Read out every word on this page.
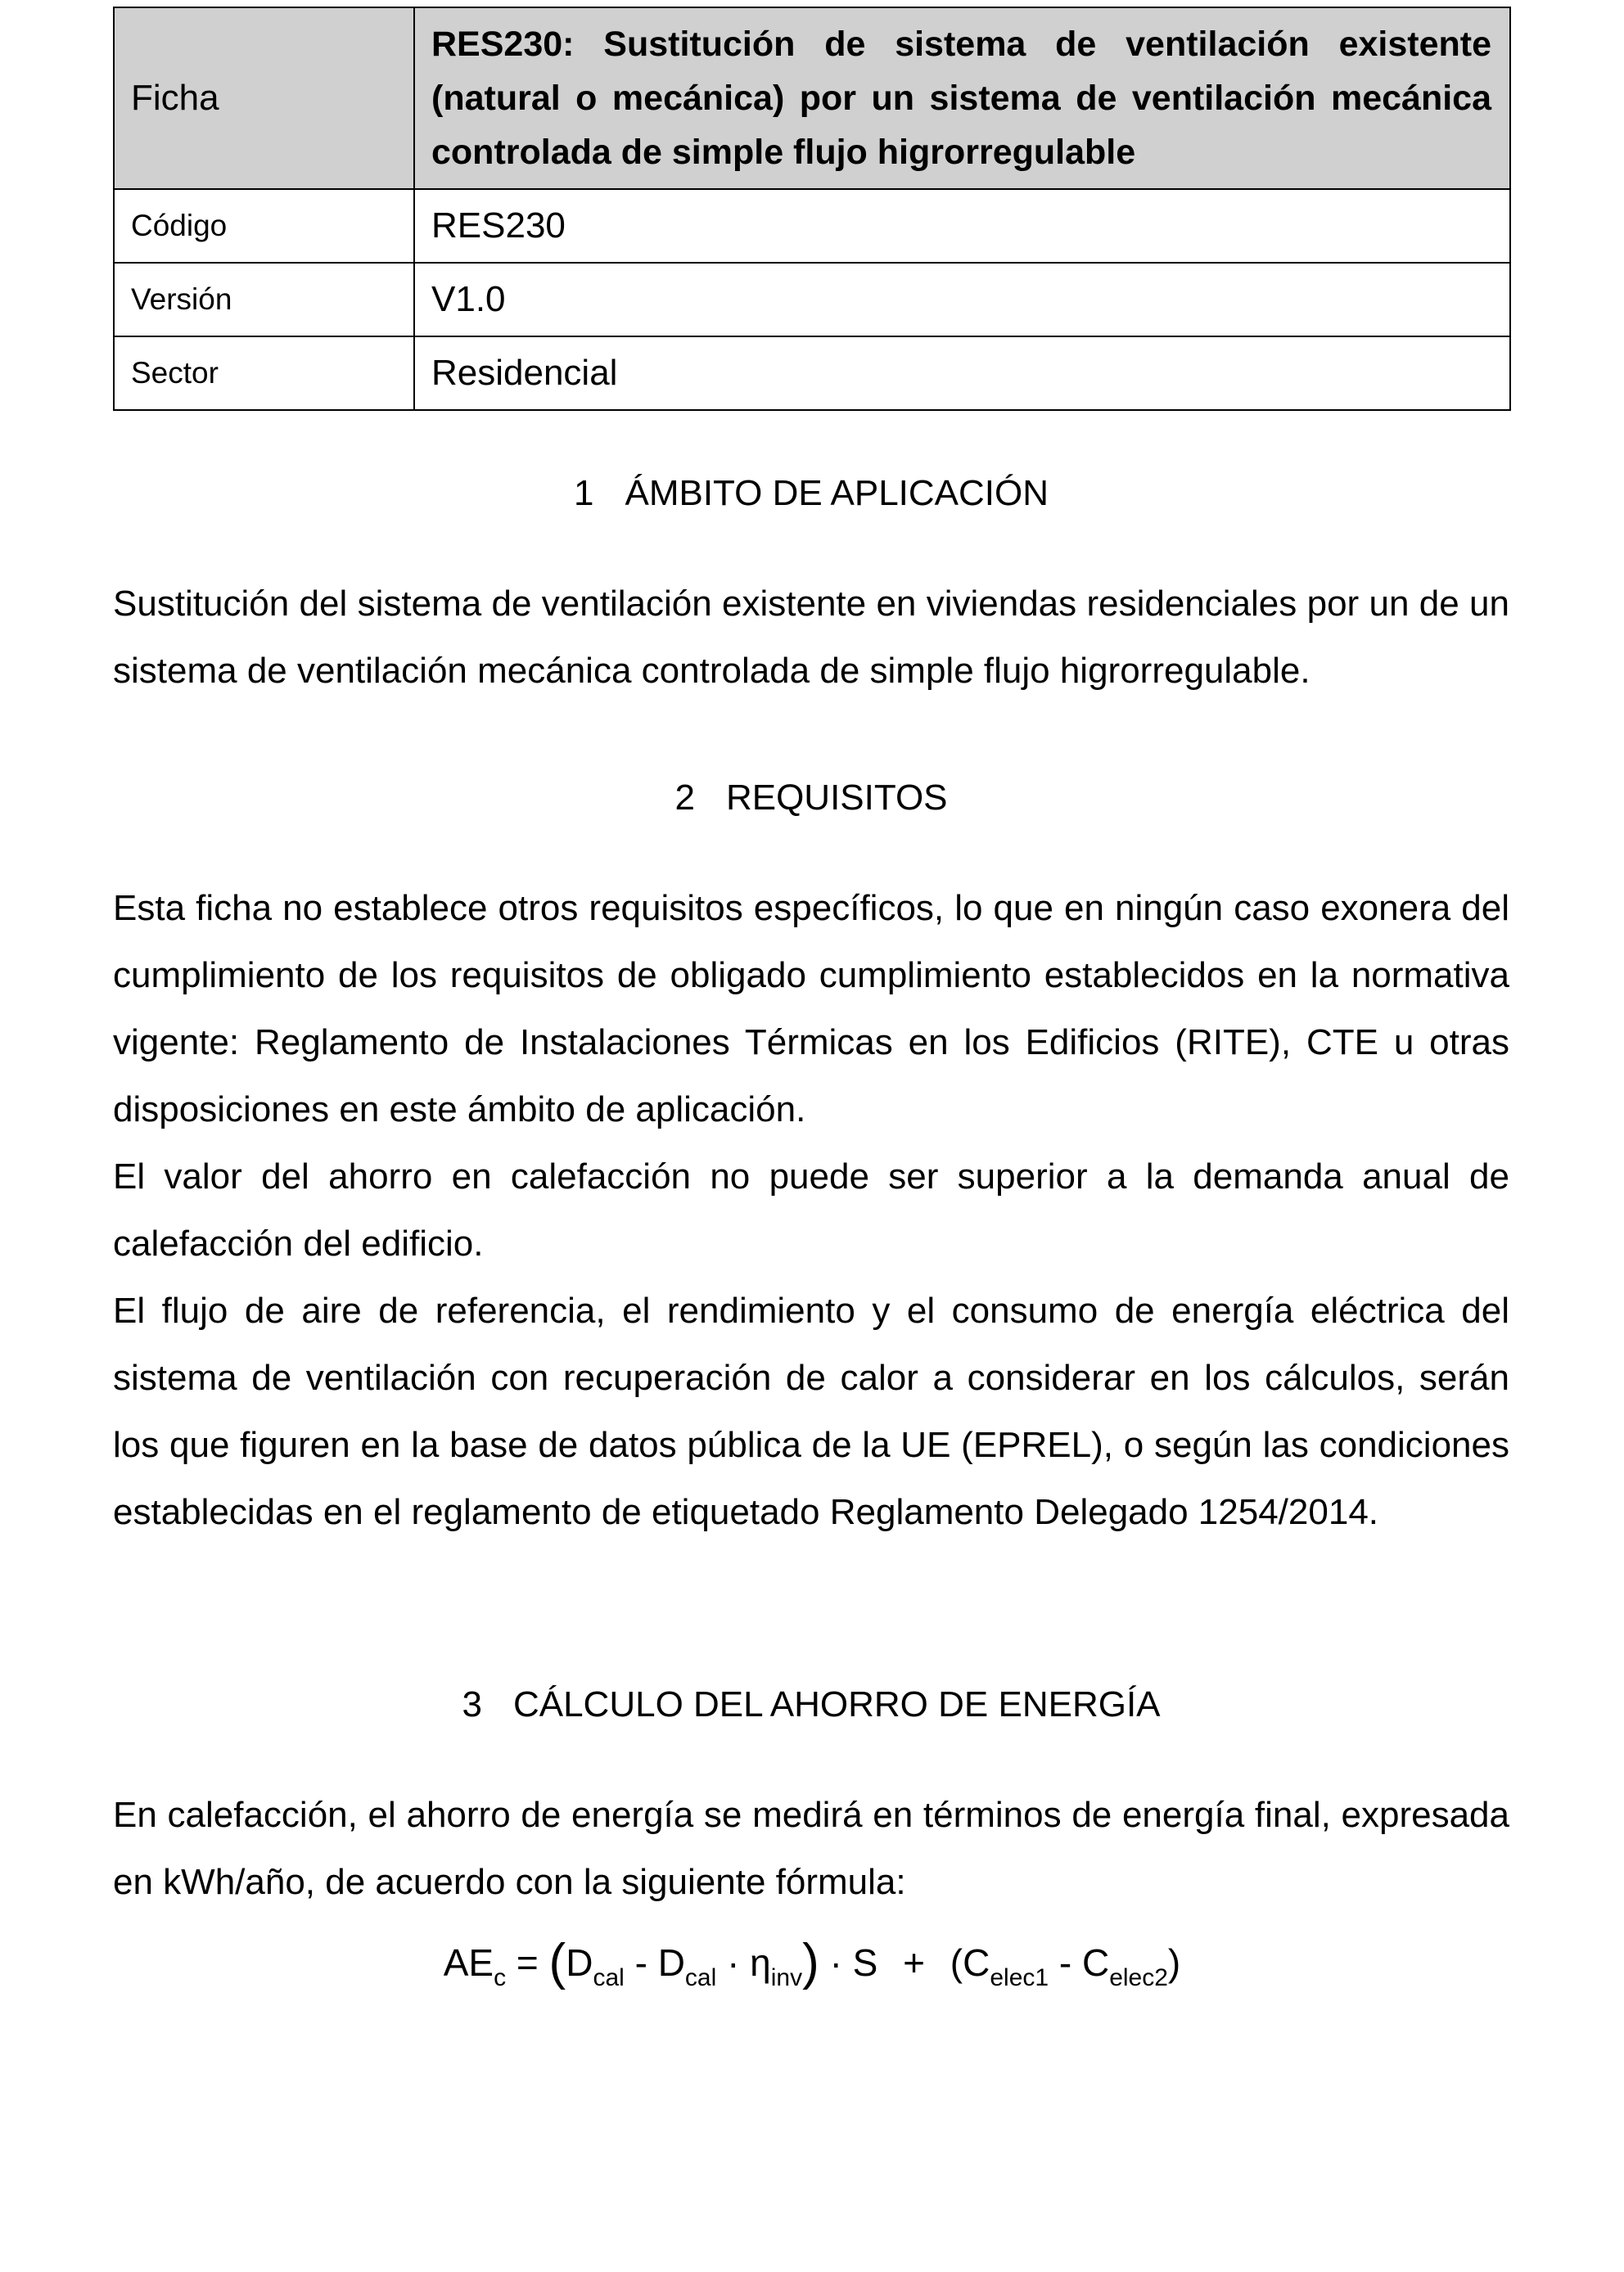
Ficha	RES230: Sustitución de sistema de ventilación existente (natural o mecánica) por un sistema de ventilación mecánica controlada de simple flujo higrorregulable
Código	RES230
Versión	V1.0
Sector	Residencial
1 ÁMBITO DE APLICACIÓN

Sustitución del sistema de ventilación existente en viviendas residenciales por un de un sistema de ventilación mecánica controlada de simple flujo higrorregulable.

2 REQUISITOS

Esta ficha no establece otros requisitos específicos, lo que en ningún caso exonera del cumplimiento de los requisitos de obligado cumplimiento establecidos en la normativa vigente: Reglamento de Instalaciones Térmicas en los Edificios (RITE), CTE u otras disposiciones en este ámbito de aplicación.

El valor del ahorro en calefacción no puede ser superior a la demanda anual de calefacción del edificio.

El flujo de aire de referencia, el rendimiento y el consumo de energía eléctrica del sistema de ventilación con recuperación de calor a considerar en los cálculos, serán los que figuren en la base de datos pública de la UE (EPREL), o según las condiciones establecidas en el reglamento de etiquetado Reglamento Delegado 1254/2014.

3 CÁLCULO DEL AHORRO DE ENERGÍA

En calefacción, el ahorro de energía se medirá en términos de energía final, expresada en kWh/año, de acuerdo con la siguiente fórmula:

$AE_c = (D_{cal} - D_{cal} \cdot \eta_{inv}) \cdot S + (C_{elec1} - C_{elec2})$
